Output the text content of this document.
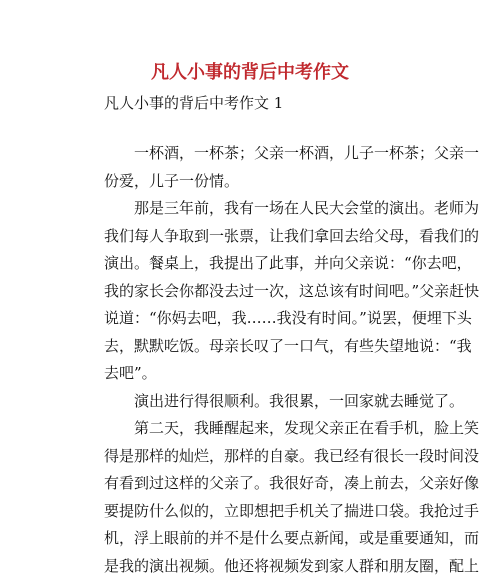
凡人小事的背后中考作文
凡人小事的背后中考作文 1
一杯酒，一杯茶；父亲一杯酒，儿子一杯茶；父亲一
份爱，儿子一份情。
那是三年前，我有一场在人民大会堂的演出。老师为
我们每人争取到一张票，让我们拿回去给父母，看我们的
演出。餐桌上，我提出了此事，并向父亲说：“你去吧，
我的家长会你都没去过一次，这总该有时间吧。”父亲赶快
说道：“你妈去吧，我……我没有时间。”说罢，便埋下头
去，默默吃饭。母亲长叹了一口气，有些失望地说：“我
去吧”。
演出进行得很顺利。我很累，一回家就去睡觉了。
第二天，我睡醒起来，发现父亲正在看手机，脸上笑
得是那样的灿烂，那样的自豪。我已经有很长一段时间没
有看到过这样的父亲了。我很好奇，凑上前去，父亲好像
要提防什么似的，立即想把手机关了揣进口袋。我抢过手
机，浮上眼前的并不是什么要点新闻，或是重要通知，而
是我的演出视频。他还将视频发到家人群和朋友圈，配上
